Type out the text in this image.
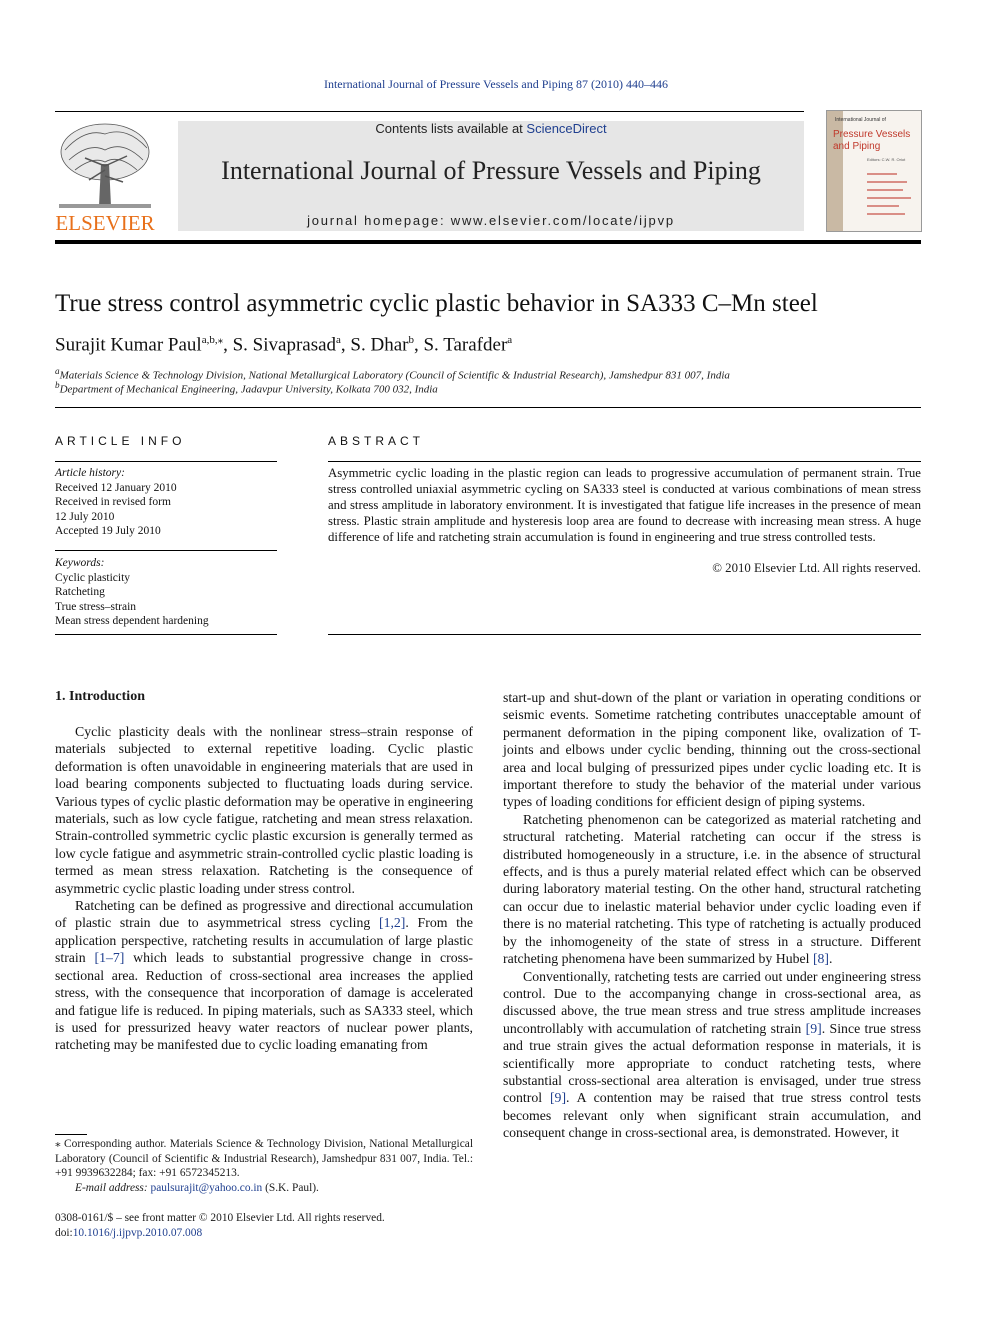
International Journal of Pressure Vessels and Piping 87 (2010) 440–446
ELSEVIER
Contents lists available at ScienceDirect
International Journal of Pressure Vessels and Piping
journal homepage: www.elsevier.com/locate/ijpvp
International Journal of
Pressure Vessels and Piping
Editors: C.W. R. Oriot
True stress control asymmetric cyclic plastic behavior in SA333 C–Mn steel
Surajit Kumar Paul$^{a,b,⁎}$, S. Sivaprasad$^a$, S. Dhar$^b$, S. Tarafder$^a$
$^a$Materials Science & Technology Division, National Metallurgical Laboratory (Council of Scientific & Industrial Research), Jamshedpur 831 007, India
$^b$Department of Mechanical Engineering, Jadavpur University, Kolkata 700 032, India
ARTICLE INFO
Article history:
Received 12 January 2010
Received in revised form
12 July 2010
Accepted 19 July 2010
Keywords:
Cyclic plasticity
Ratcheting
True stress–strain
Mean stress dependent hardening
ABSTRACT
Asymmetric cyclic loading in the plastic region can leads to progressive accumulation of permanent strain. True stress controlled uniaxial asymmetric cycling on SA333 steel is conducted at various combinations of mean stress and stress amplitude in laboratory environment. It is investigated that fatigue life increases in the presence of mean stress. Plastic strain amplitude and hysteresis loop area are found to decrease with increasing mean stress. A huge difference of life and ratcheting strain accumulation is found in engineering and true stress controlled tests.
© 2010 Elsevier Ltd. All rights reserved.
1. Introduction

Cyclic plasticity deals with the nonlinear stress–strain response of materials subjected to external repetitive loading. Cyclic plastic deformation is often unavoidable in engineering materials that are used in load bearing components subjected to fluctuating loads during service. Various types of cyclic plastic deformation may be operative in engineering materials, such as low cycle fatigue, ratcheting and mean stress relaxation. Strain-controlled symmetric cyclic plastic excursion is generally termed as low cycle fatigue and asymmetric strain-controlled cyclic plastic loading is termed as mean stress relaxation. Ratcheting is the consequence of asymmetric cyclic plastic loading under stress control.

Ratcheting can be defined as progressive and directional accumulation of plastic strain due to asymmetrical stress cycling [1,2]. From the application perspective, ratcheting results in accumulation of large plastic strain [1–7] which leads to substantial progressive change in cross-sectional area. Reduction of cross-sectional area increases the applied stress, with the consequence that incorporation of damage is accelerated and fatigue life is reduced. In piping materials, such as SA333 steel, which is used for pressurized heavy water reactors of nuclear power plants, ratcheting may be manifested due to cyclic loading emanating from

start-up and shut-down of the plant or variation in operating conditions or seismic events. Sometime ratcheting contributes unacceptable amount of permanent deformation in the piping component like, ovalization of T-joints and elbows under cyclic bending, thinning out the cross-sectional area and local bulging of pressurized pipes under cyclic loading etc. It is important therefore to study the behavior of the material under various types of loading conditions for efficient design of piping systems.

Ratcheting phenomenon can be categorized as material ratcheting and structural ratcheting. Material ratcheting can occur if the stress is distributed homogeneously in a structure, i.e. in the absence of structural effects, and is thus a purely material related effect which can be observed during laboratory material testing. On the other hand, structural ratcheting can occur due to inelastic material behavior under cyclic loading even if there is no material ratcheting. This type of ratcheting is actually produced by the inhomogeneity of the state of stress in a structure. Different ratcheting phenomena have been summarized by Hubel [8].

Conventionally, ratcheting tests are carried out under engineering stress control. Due to the accompanying change in cross-sectional area, as discussed above, the true mean stress and true stress amplitude increases uncontrollably with accumulation of ratcheting strain [9]. Since true stress and true strain gives the actual deformation response in materials, it is scientifically more appropriate to conduct ratcheting tests, where substantial cross-sectional area alteration is envisaged, under true stress control [9]. A contention may be raised that true stress control tests becomes relevant only when significant strain accumulation, and consequent change in cross-sectional area, is demonstrated. However, it

⁎ Corresponding author. Materials Science & Technology Division, National Metallurgical Laboratory (Council of Scientific & Industrial Research), Jamshedpur 831 007, India. Tel.: +91 9939632284; fax: +91 6572345213.
E-mail address: paulsurajit@yahoo.co.in (S.K. Paul).
0308-0161/$ – see front matter © 2010 Elsevier Ltd. All rights reserved.
doi:10.1016/j.ijpvp.2010.07.008
